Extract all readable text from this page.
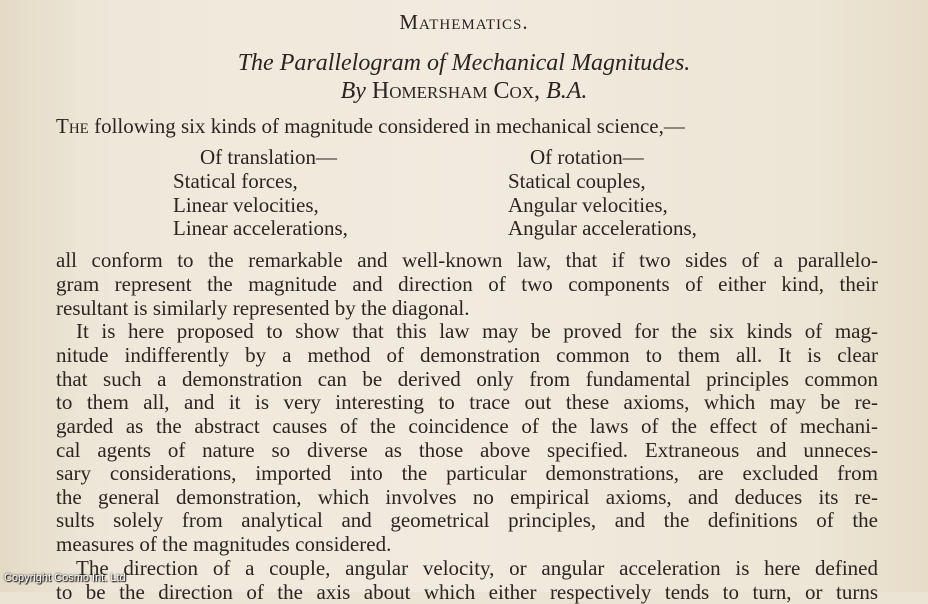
Mathematics.
The Parallelogram of Mechanical Magnitudes.
By Homersham Cox, B.A.
The following six kinds of magnitude considered in mechanical science,—
Of translation—	Of rotation—
Statical forces,
Linear velocities,
Linear accelerations,
Statical couples,
Angular velocities,
Angular accelerations,
all conform to the remarkable and well-known law, that if two sides of a parallelo-
gram represent the magnitude and direction of two components of either kind, their
resultant is similarly represented by the diagonal.
It is here proposed to show that this law may be proved for the six kinds of mag-
nitude indifferently by a method of demonstration common to them all. It is clear
that such a demonstration can be derived only from fundamental principles common
to them all, and it is very interesting to trace out these axioms, which may be re-
garded as the abstract causes of the coincidence of the laws of the effect of mechani-
cal agents of nature so diverse as those above specified. Extraneous and unneces-
sary considerations, imported into the particular demonstrations, are excluded from
the general demonstration, which involves no empirical axioms, and deduces its re-
sults solely from analytical and geometrical principles, and the definitions of the
measures of the magnitudes considered.
The direction of a couple, angular velocity, or angular acceleration is here defined
to be the direction of the axis about which either respectively tends to turn, or turns
Copyright Cosmo Int. Ltd
